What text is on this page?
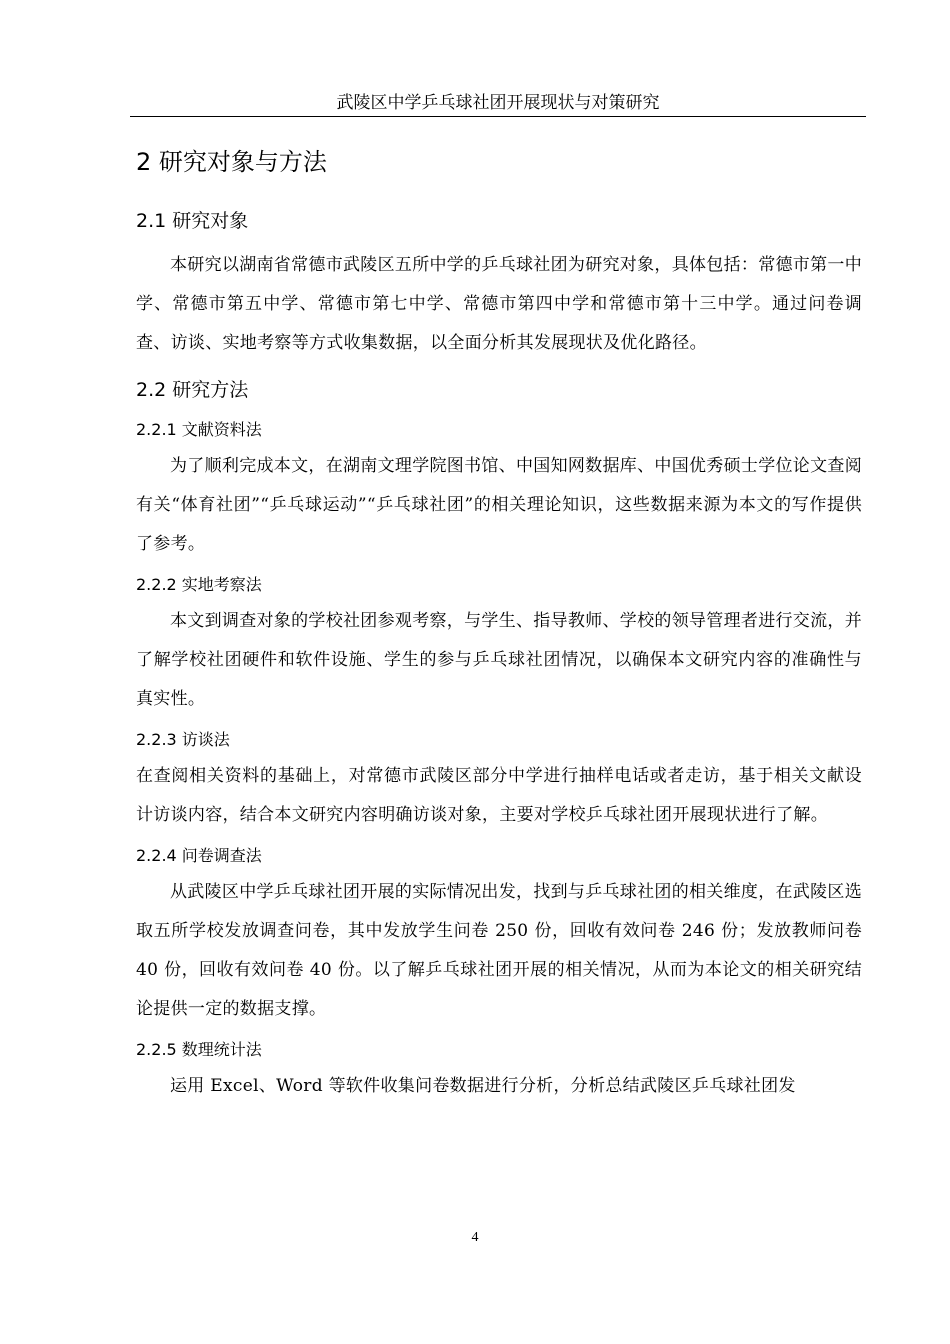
武陵区中学乒乓球社团开展现状与对策研究
2 研究对象与方法
2.1 研究对象

本研究以湖南省常德市武陵区五所中学的乒乓球社团为研究对象，具体包括：常德市第一中学、常德市第五中学、常德市第七中学、常德市第四中学和常德市第十三中学。通过问卷调查、访谈、实地考察等方式收集数据，以全面分析其发展现状及优化路径。

2.2 研究方法
2.2.1 文献资料法

为了顺利完成本文，在湖南文理学院图书馆、中国知网数据库、中国优秀硕士学位论文查阅有关“体育社团”“乒乓球运动”“乒乓球社团”的相关理论知识，这些数据来源为本文的写作提供了参考。

2.2.2 实地考察法

本文到调查对象的学校社团参观考察，与学生、指导教师、学校的领导管理者进行交流，并了解学校社团硬件和软件设施、学生的参与乒乓球社团情况，以确保本文研究内容的准确性与真实性。

2.2.3 访谈法

在查阅相关资料的基础上，对常德市武陵区部分中学进行抽样电话或者走访，基于相关文献设计访谈内容，结合本文研究内容明确访谈对象，主要对学校乒乓球社团开展现状进行了解。

2.2.4 问卷调查法

从武陵区中学乒乓球社团开展的实际情况出发，找到与乒乓球社团的相关维度，在武陵区选取五所学校发放调查问卷，其中发放学生问卷 250 份，回收有效问卷 246 份；发放教师问卷 40 份，回收有效问卷 40 份。以了解乒乓球社团开展的相关情况，从而为本论文的相关研究结论提供一定的数据支撑。

2.2.5 数理统计法

运用 Excel、Word 等软件收集问卷数据进行分析，分析总结武陵区乒乓球社团发

4
